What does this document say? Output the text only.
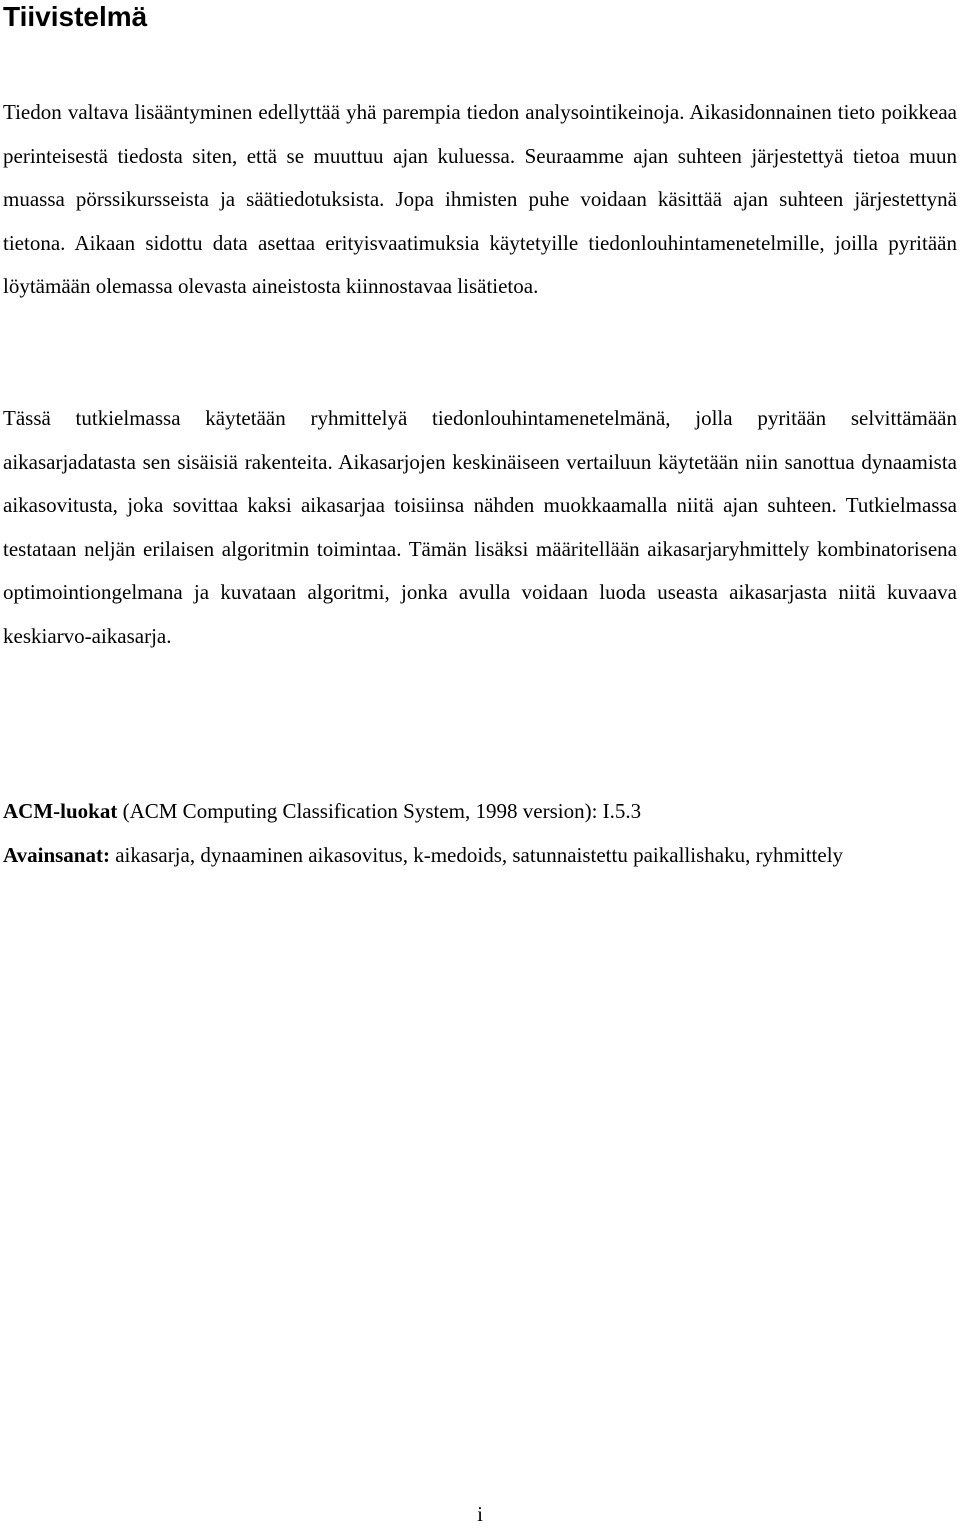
Tiivistelmä

Tiedon valtava lisääntyminen edellyttää yhä parempia tiedon analysointikeinoja. Aikasidonnainen tieto poikkeaa perinteisestä tiedosta siten, että se muuttuu ajan kuluessa. Seuraamme ajan suhteen järjestettyä tietoa muun muassa pörssikursseista ja säätiedotuksista. Jopa ihmisten puhe voidaan käsittää ajan suhteen järjestettynä tietona. Aikaan sidottu data asettaa erityisvaatimuksia käytetyille tiedonlouhintamenetelmille, joilla pyritään löytämään olemassa olevasta aineistosta kiinnostavaa lisätietoa.

Tässä tutkielmassa käytetään ryhmittelyä tiedonlouhintamenetelmänä, jolla pyritään selvittämään aikasarjadatasta sen sisäisiä rakenteita. Aikasarjojen keskinäiseen vertailuun käytetään niin sanottua dynaamista aikasovitusta, joka sovittaa kaksi aikasarjaa toisiinsa nähden muokkaamalla niitä ajan suhteen. Tutkielmassa testataan neljän erilaisen algoritmin toimintaa. Tämän lisäksi määritellään aikasarjaryhmittely kombinatorisena optimointiongelmana ja kuvataan algoritmi, jonka avulla voidaan luoda useasta aikasarjasta niitä kuvaava keskiarvo-aikasarja.

ACM-luokat (ACM Computing Classification System, 1998 version): I.5.3

Avainsanat: aikasarja, dynaaminen aikasovitus, k-medoids, satunnaistettu paikallishaku, ryhmittely

i
